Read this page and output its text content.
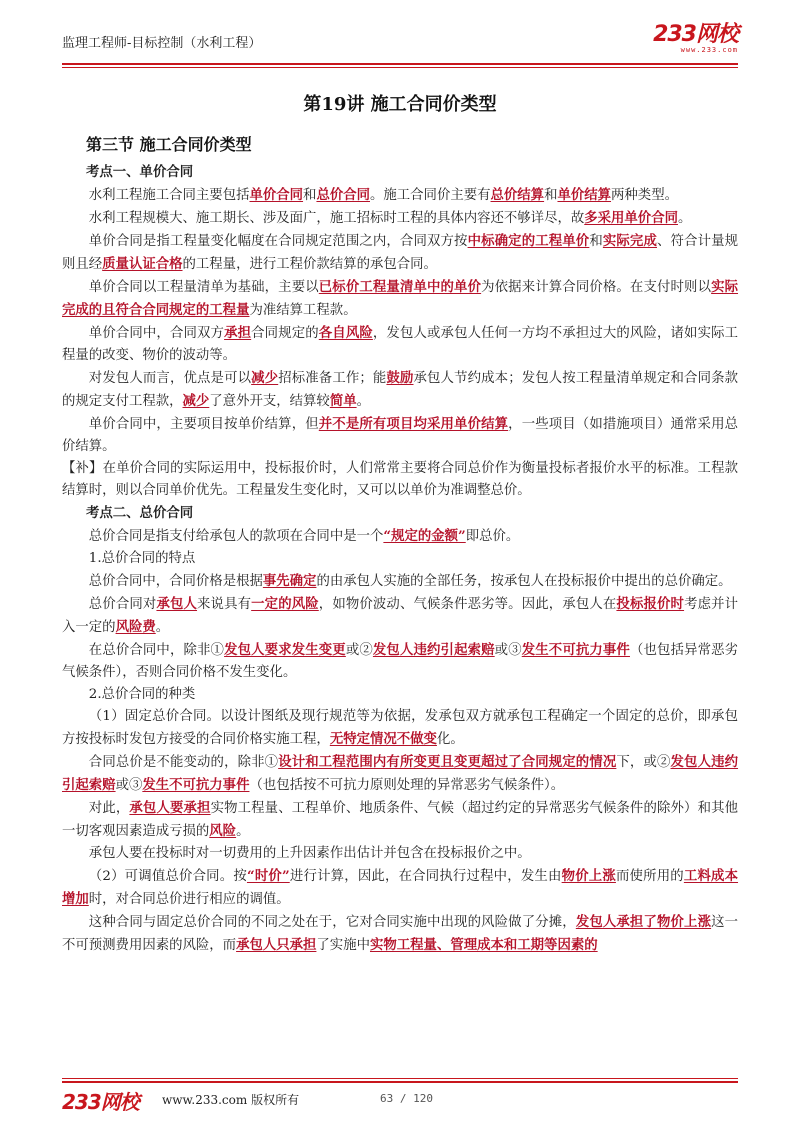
监理工程师-目标控制（水利工程）	233网校
www.233.com
第19讲 施工合同价类型
第三节 施工合同价类型
考点一、单价合同

水利工程施工合同主要包括单价合同和总价合同。施工合同价主要有总价结算和单价结算两种类型。

水利工程规模大、施工期长、涉及面广，施工招标时工程的具体内容还不够详尽，故多采用单价合同。

单价合同是指工程量变化幅度在合同规定范围之内，合同双方按中标确定的工程单价和实际完成、符合计量规则且经质量认证合格的工程量，进行工程价款结算的承包合同。

单价合同以工程量清单为基础，主要以已标价工程量清单中的单价为依据来计算合同价格。在支付时则以实际完成的且符合合同规定的工程量为准结算工程款。

单价合同中，合同双方承担合同规定的各自风险，发包人或承包人任何一方均不承担过大的风险，诸如实际工程量的改变、物价的波动等。

对发包人而言，优点是可以减少招标准备工作；能鼓励承包人节约成本；发包人按工程量清单规定和合同条款的规定支付工程款，减少了意外开支，结算较简单。

单价合同中，主要项目按单价结算，但并不是所有项目均采用单价结算，一些项目（如措施项目）通常采用总价结算。

【补】在单价合同的实际运用中，投标报价时，人们常常主要将合同总价作为衡量投标者报价水平的标准。工程款结算时，则以合同单价优先。工程量发生变化时，又可以以单价为准调整总价。

考点二、总价合同

总价合同是指支付给承包人的款项在合同中是一个“规定的金额”即总价。

1.总价合同的特点

总价合同中，合同价格是根据事先确定的由承包人实施的全部任务，按承包人在投标报价中提出的总价确定。

总价合同对承包人来说具有一定的风险，如物价波动、气候条件恶劣等。因此，承包人在投标报价时考虑并计入一定的风险费。

在总价合同中，除非①发包人要求发生变更或②发包人违约引起索赔或③发生不可抗力事件（也包括异常恶劣气候条件），否则合同价格不发生变化。

2.总价合同的种类

（1）固定总价合同。以设计图纸及现行规范等为依据，发承包双方就承包工程确定一个固定的总价，即承包方按投标时发包方接受的合同价格实施工程，无特定情况不做变化。

合同总价是不能变动的，除非①设计和工程范围内有所变更且变更超过了合同规定的情况下，或②发包人违约引起索赔或③发生不可抗力事件（也包括按不可抗力原则处理的异常恶劣气候条件）。

对此，承包人要承担实物工程量、工程单价、地质条件、气候（超过约定的异常恶劣气候条件的除外）和其他一切客观因素造成亏损的风险。

承包人要在投标时对一切费用的上升因素作出估计并包含在投标报价之中。

（2）可调值总价合同。按“时价”进行计算，因此，在合同执行过程中，发生由物价上涨而使所用的工料成本增加时，对合同总价进行相应的调值。

这种合同与固定总价合同的不同之处在于，它对合同实施中出现的风险做了分摊，发包人承担了物价上涨这一不可预测费用因素的风险，而承包人只承担了实施中实物工程量、管理成本和工期等因素的

233网校 www.233.com 版权所有	63 / 120
